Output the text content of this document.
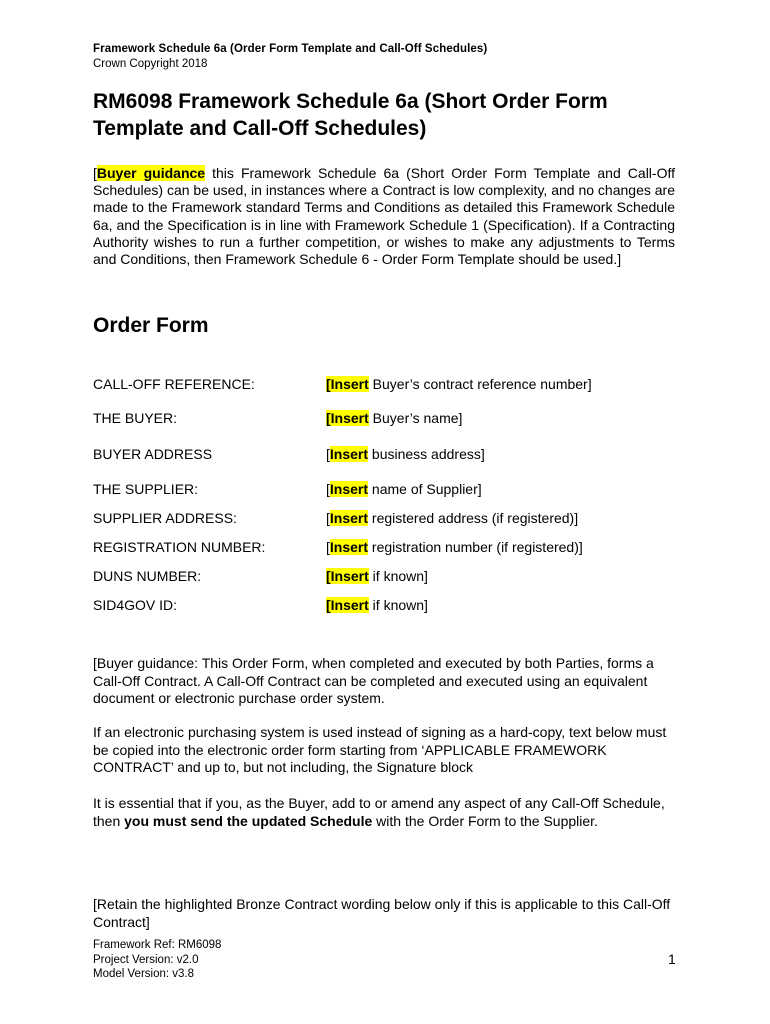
Framework Schedule 6a (Order Form Template and Call-Off Schedules)
Crown Copyright 2018
RM6098 Framework Schedule 6a (Short Order Form Template and Call-Off Schedules)

[Buyer guidance this Framework Schedule 6a (Short Order Form Template and Call-Off Schedules) can be used, in instances where a Contract is low complexity, and no changes are made to the Framework standard Terms and Conditions as detailed this Framework Schedule 6a, and the Specification is in line with Framework Schedule 1 (Specification). If a Contracting Authority wishes to run a further competition, or wishes to make any adjustments to Terms and Conditions, then Framework Schedule 6 - Order Form Template should be used.]

Order Form
CALL-OFF REFERENCE:	[Insert Buyer’s contract reference number]
THE BUYER:	[Insert Buyer’s name]
BUYER ADDRESS	[Insert business address]
THE SUPPLIER:	[Insert name of Supplier]
SUPPLIER ADDRESS:	[Insert registered address (if registered)]
REGISTRATION NUMBER:	[Insert registration number (if registered)]
DUNS NUMBER:	[Insert if known]
SID4GOV ID:	[Insert if known]

[Buyer guidance: This Order Form, when completed and executed by both Parties, forms a Call-Off Contract. A Call-Off Contract can be completed and executed using an equivalent document or electronic purchase order system.

If an electronic purchasing system is used instead of signing as a hard-copy, text below must be copied into the electronic order form starting from ‘APPLICABLE FRAMEWORK CONTRACT’ and up to, but not including, the Signature block

It is essential that if you, as the Buyer, add to or amend any aspect of any Call-Off Schedule, then you must send the updated Schedule with the Order Form to the Supplier.

[Retain the highlighted Bronze Contract wording below only if this is applicable to this Call-Off Contract]

Framework Ref: RM6098
Project Version: v2.0
Model Version: v3.8
1
